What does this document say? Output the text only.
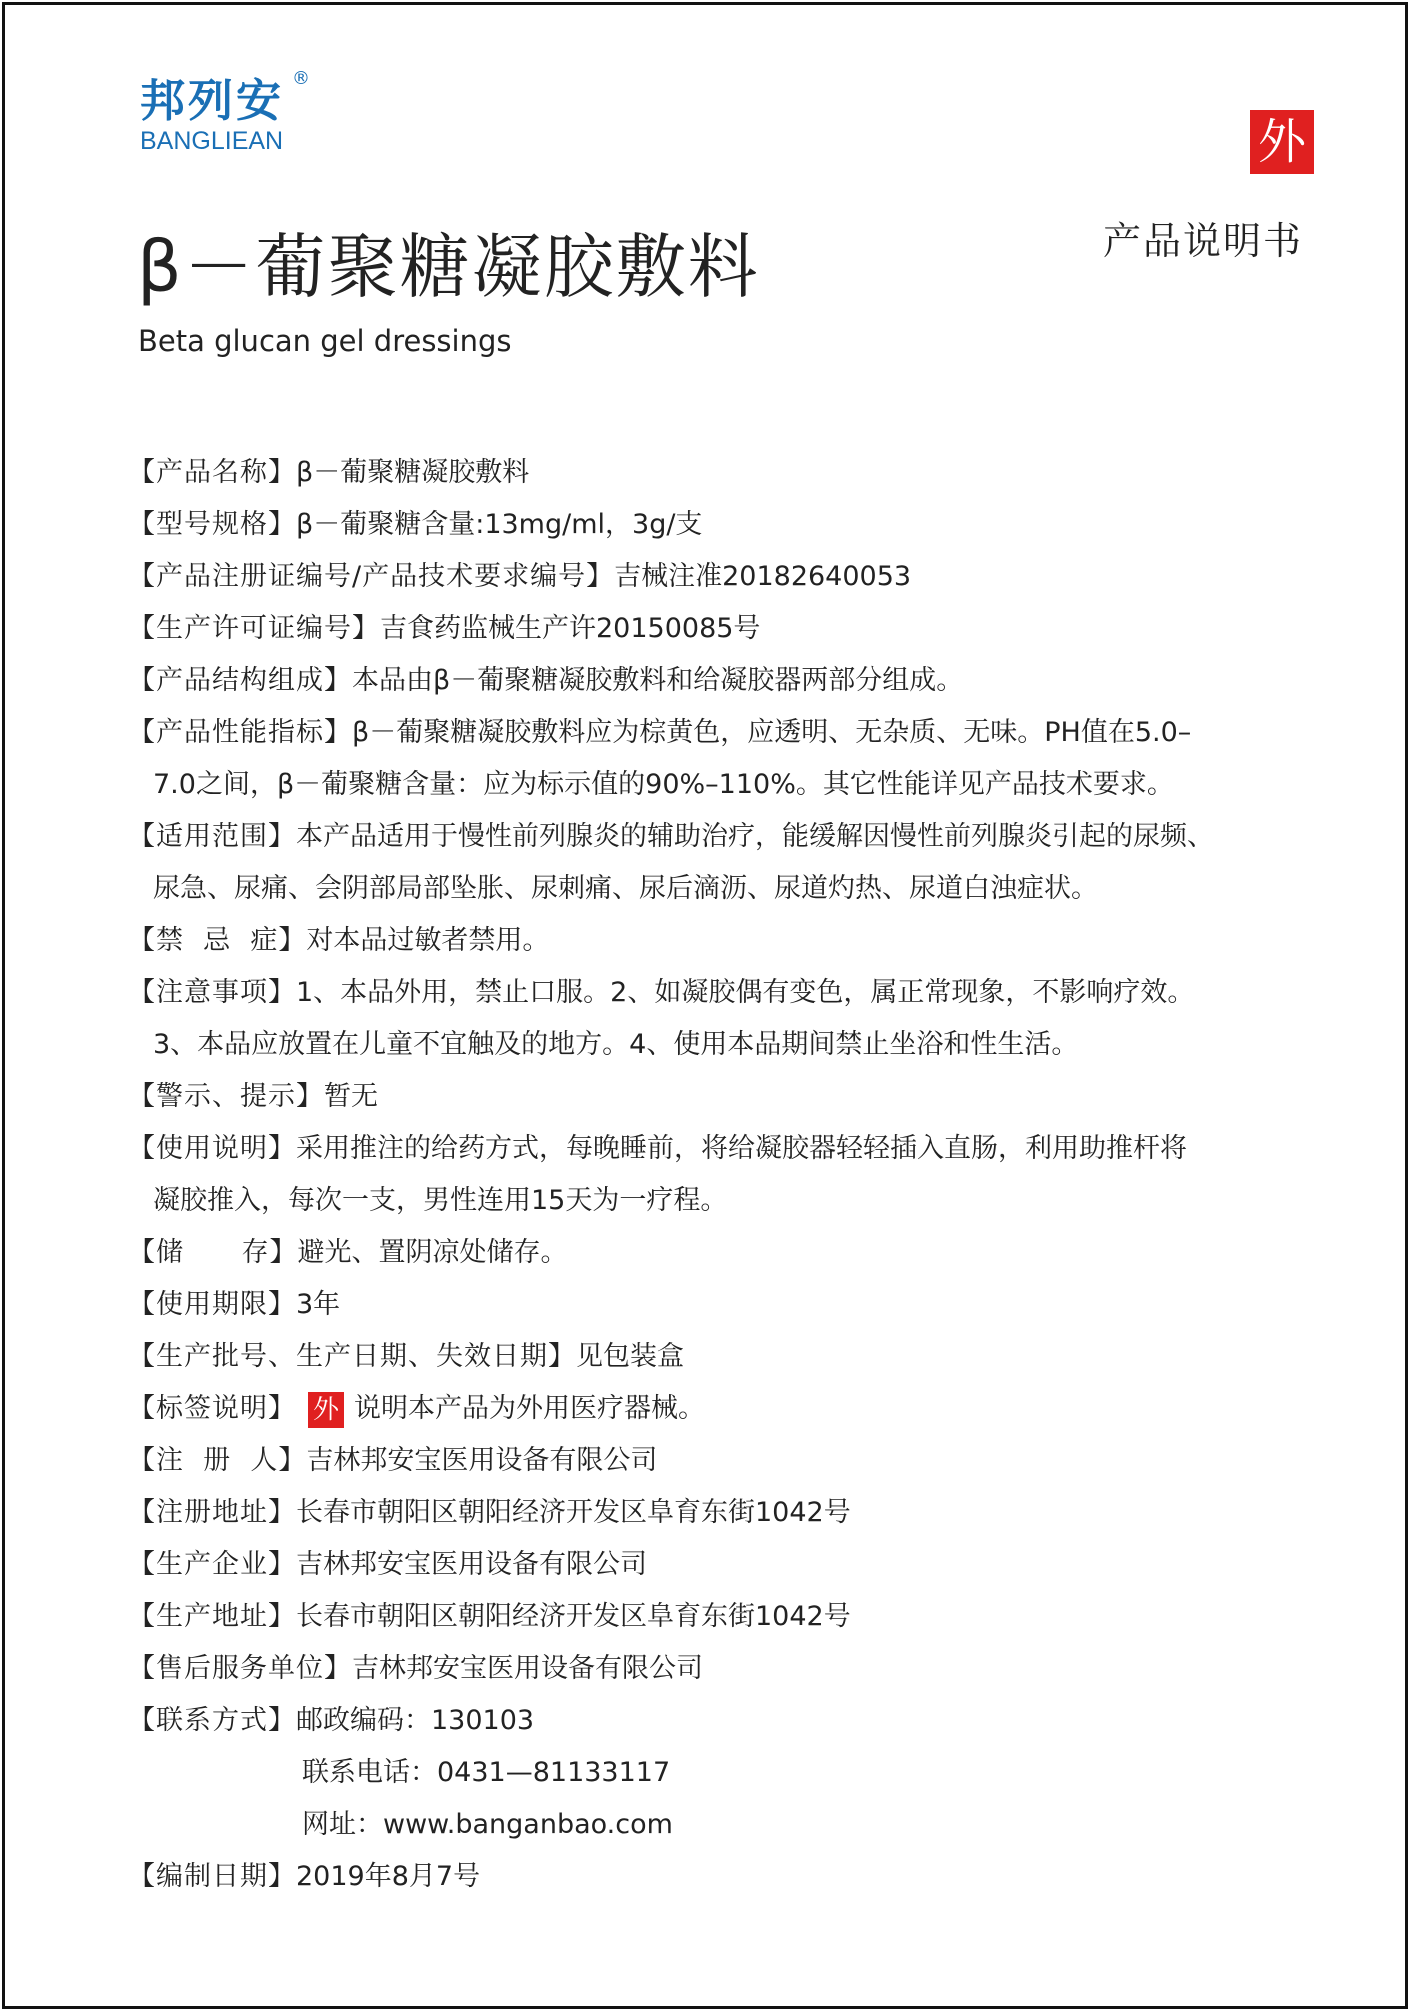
邦列安 ®
BANGLIEAN	外
产品说明书
β－葡聚糖凝胶敷料
Beta glucan gel dressings
【产品名称】β－葡聚糖凝胶敷料
【型号规格】β－葡聚糖含量:13mg/ml，3g/支
【产品注册证编号/产品技术要求编号】吉械注准20182640053
【生产许可证编号】吉食药监械生产许20150085号
【产品结构组成】本品由β－葡聚糖凝胶敷料和给凝胶器两部分组成。
【产品性能指标】β－葡聚糖凝胶敷料应为棕黄色，应透明、无杂质、无味。PH值在5.0–
7.0之间，β－葡聚糖含量：应为标示值的90%–110%。其它性能详见产品技术要求。
【适用范围】本产品适用于慢性前列腺炎的辅助治疗，能缓解因慢性前列腺炎引起的尿频、
尿急、尿痛、会阴部局部坠胀、尿刺痛、尿后滴沥、尿道灼热、尿道白浊症状。
【禁  忌  症】对本品过敏者禁用。
【注意事项】1、本品外用，禁止口服。2、如凝胶偶有变色，属正常现象，不影响疗效。
3、本品应放置在儿童不宜触及的地方。4、使用本品期间禁止坐浴和性生活。
【警示、提示】暂无
【使用说明】采用推注的给药方式，每晚睡前，将给凝胶器轻轻插入直肠，利用助推杆将
凝胶推入，每次一支，男性连用15天为一疗程。
【储      存】避光、置阴凉处储存。
【使用期限】3年
【生产批号、生产日期、失效日期】见包装盒
【标签说明】 外 说明本产品为外用医疗器械。
【注  册  人】吉林邦安宝医用设备有限公司
【注册地址】长春市朝阳区朝阳经济开发区阜育东街1042号
【生产企业】吉林邦安宝医用设备有限公司
【生产地址】长春市朝阳区朝阳经济开发区阜育东街1042号
【售后服务单位】吉林邦安宝医用设备有限公司
【联系方式】邮政编码：130103
联系电话：0431—81133117
网址：www.banganbao.com
【编制日期】2019年8月7号
